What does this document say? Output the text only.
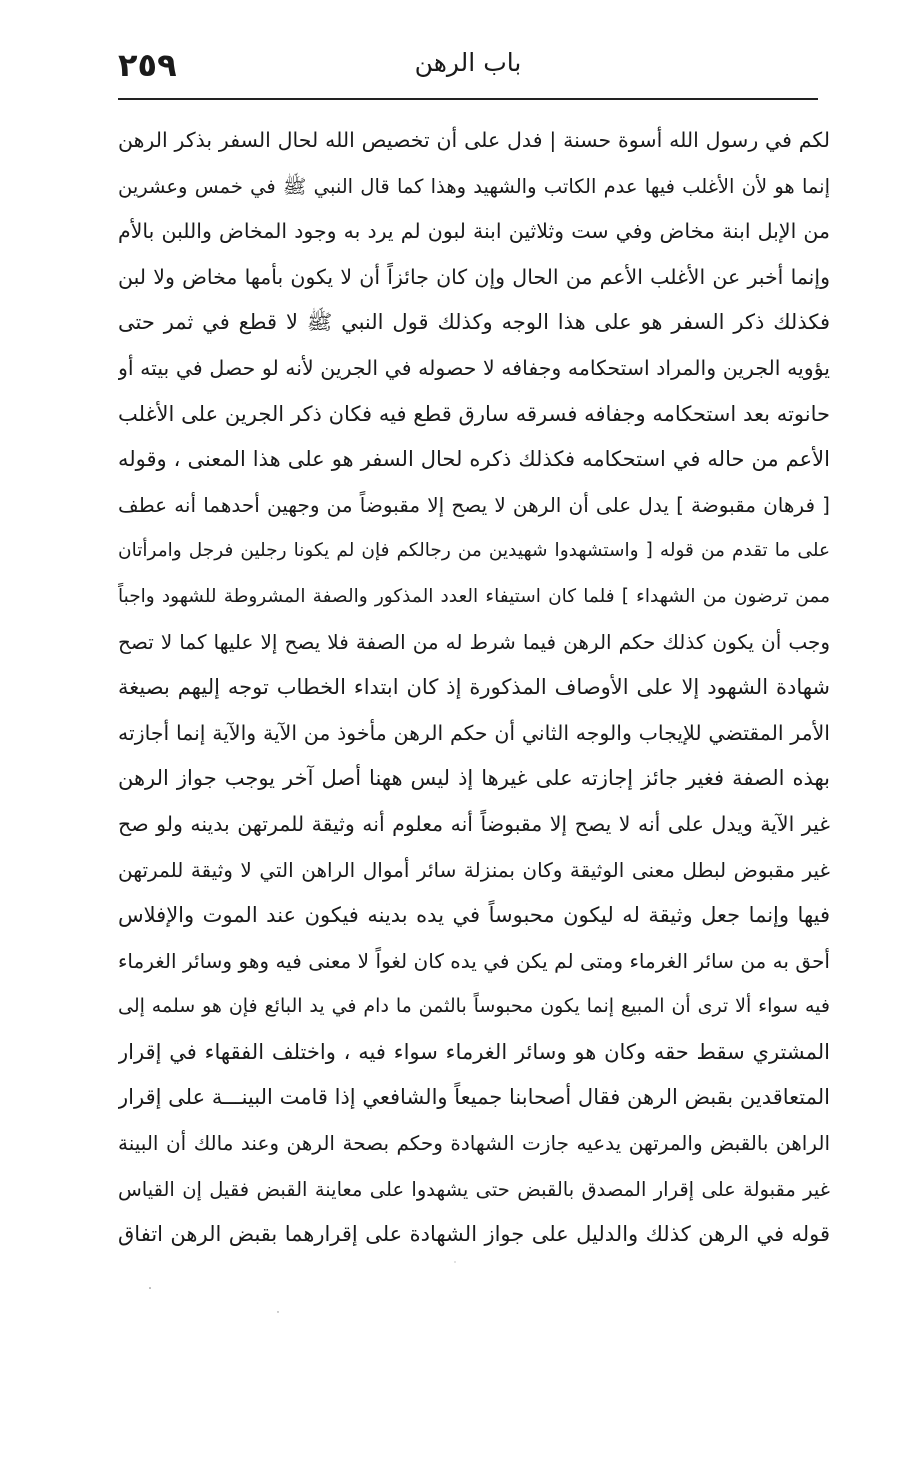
٢٥٩	باب الرهن
لكم في رسول الله أسوة حسنة | فدل على أن تخصيص الله لحال السفر بذكر الرهن
إنما هو لأن الأغلب فيها عدم الكاتب والشهيد وهذا كما قال النبي ﷺ في خمس وعشرين
من الإبل ابنة مخاض وفي ست وثلاثين ابنة لبون لم يرد به وجود المخاض واللبن بالأم
وإنما أخبر عن الأغلب الأعم من الحال وإن كان جائزاً أن لا يكون بأمها مخاض ولا لبن
فكذلك ذكر السفر هو على هذا الوجه وكذلك قول النبي ﷺ لا قطع في ثمر حتى
يؤويه الجرين والمراد استحكامه وجفافه لا حصوله في الجرين لأنه لو حصل في بيته أو
حانوته بعد استحكامه وجفافه فسرقه سارق قطع فيه فكان ذكر الجرين على الأغلب
الأعم من حاله في استحكامه فكذلك ذكره لحال السفر هو على هذا المعنى ، وقوله
[ فرهان مقبوضة ] يدل على أن الرهن لا يصح إلا مقبوضاً من وجهين أحدهما أنه عطف
على ما تقدم من قوله [ واستشهدوا شهيدين من رجالكم فإن لم يكونا رجلين فرجل وامرأتان
ممن ترضون من الشهداء ] فلما كان استيفاء العدد المذكور والصفة المشروطة للشهود واجباً
وجب أن يكون كذلك حكم الرهن فيما شرط له من الصفة فلا يصح إلا عليها كما لا تصح
شهادة الشهود إلا على الأوصاف المذكورة إذ كان ابتداء الخطاب توجه إليهم بصيغة
الأمر المقتضي للإيجاب والوجه الثاني أن حكم الرهن مأخوذ من الآية والآية إنما أجازته
بهذه الصفة فغير جائز إجازته على غيرها إذ ليس ههنا أصل آخر يوجب جواز الرهن
غير الآية ويدل على أنه لا يصح إلا مقبوضاً أنه معلوم أنه وثيقة للمرتهن بدينه ولو صح
غير مقبوض لبطل معنى الوثيقة وكان بمنزلة سائر أموال الراهن التي لا وثيقة للمرتهن
فيها وإنما جعل وثيقة له ليكون محبوساً في يده بدينه فيكون عند الموت والإفلاس
أحق به من سائر الغرماء ومتى لم يكن في يده كان لغواً لا معنى فيه وهو وسائر الغرماء
فيه سواء ألا ترى أن المبيع إنما يكون محبوساً بالثمن ما دام في يد البائع فإن هو سلمه إلى
المشتري سقط حقه وكان هو وسائر الغرماء سواء فيه ، واختلف الفقهاء في إقرار
المتعاقدين بقبض الرهن فقال أصحابنا جميعاً والشافعي إذا قامت البينـــة على إقرار
الراهن بالقبض والمرتهن يدعيه جازت الشهادة وحكم بصحة الرهن وعند مالك أن البينة
غير مقبولة على إقرار المصدق بالقبض حتى يشهدوا على معاينة القبض فقيل إن القياس
قوله في الرهن كذلك والدليل على جواز الشهادة على إقرارهما بقبض الرهن اتفاق
